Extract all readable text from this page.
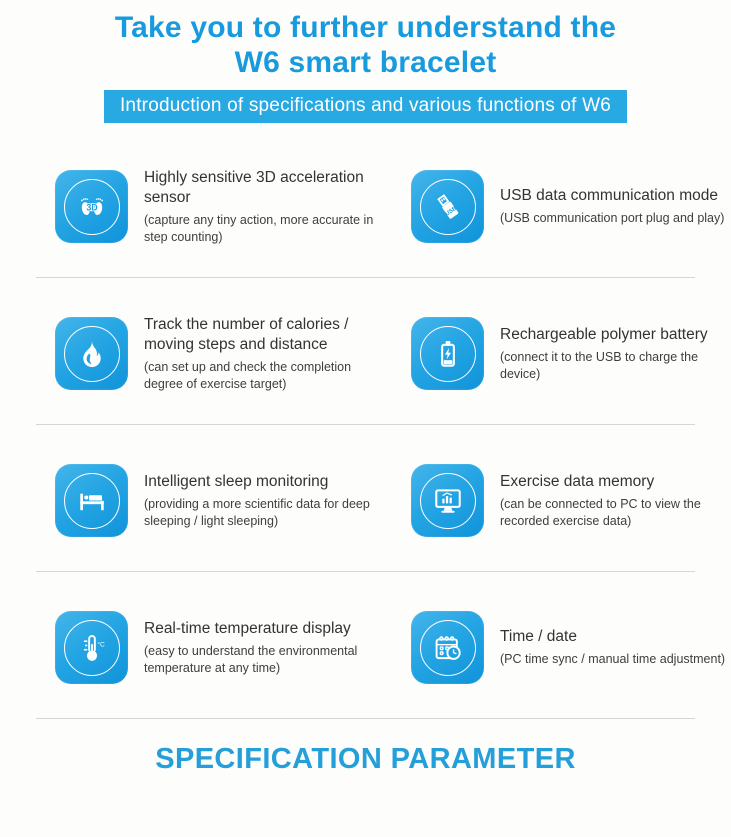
Take you to further understand the
W6 smart bracelet
Introduction of specifications and various functions of W6
3D
Highly sensitive 3D acceleration sensor
(capture any tiny action, more accurate in step counting)
USB
USB data communication mode
(USB communication port plug and play)
Track the number of calories / moving steps and distance
(can set up and check the completion degree of exercise target)
Rechargeable polymer battery
(connect it to the USB to charge the device)
Intelligent sleep monitoring
(providing a more scientific data for deep sleeping / light sleeping)
Exercise data memory
(can be connected to PC to view the recorded exercise data)
°C
Real-time temperature display
(easy to understand the environmental temperature at any time)
Time / date
(PC time sync / manual time adjustment)
SPECIFICATION PARAMETER
